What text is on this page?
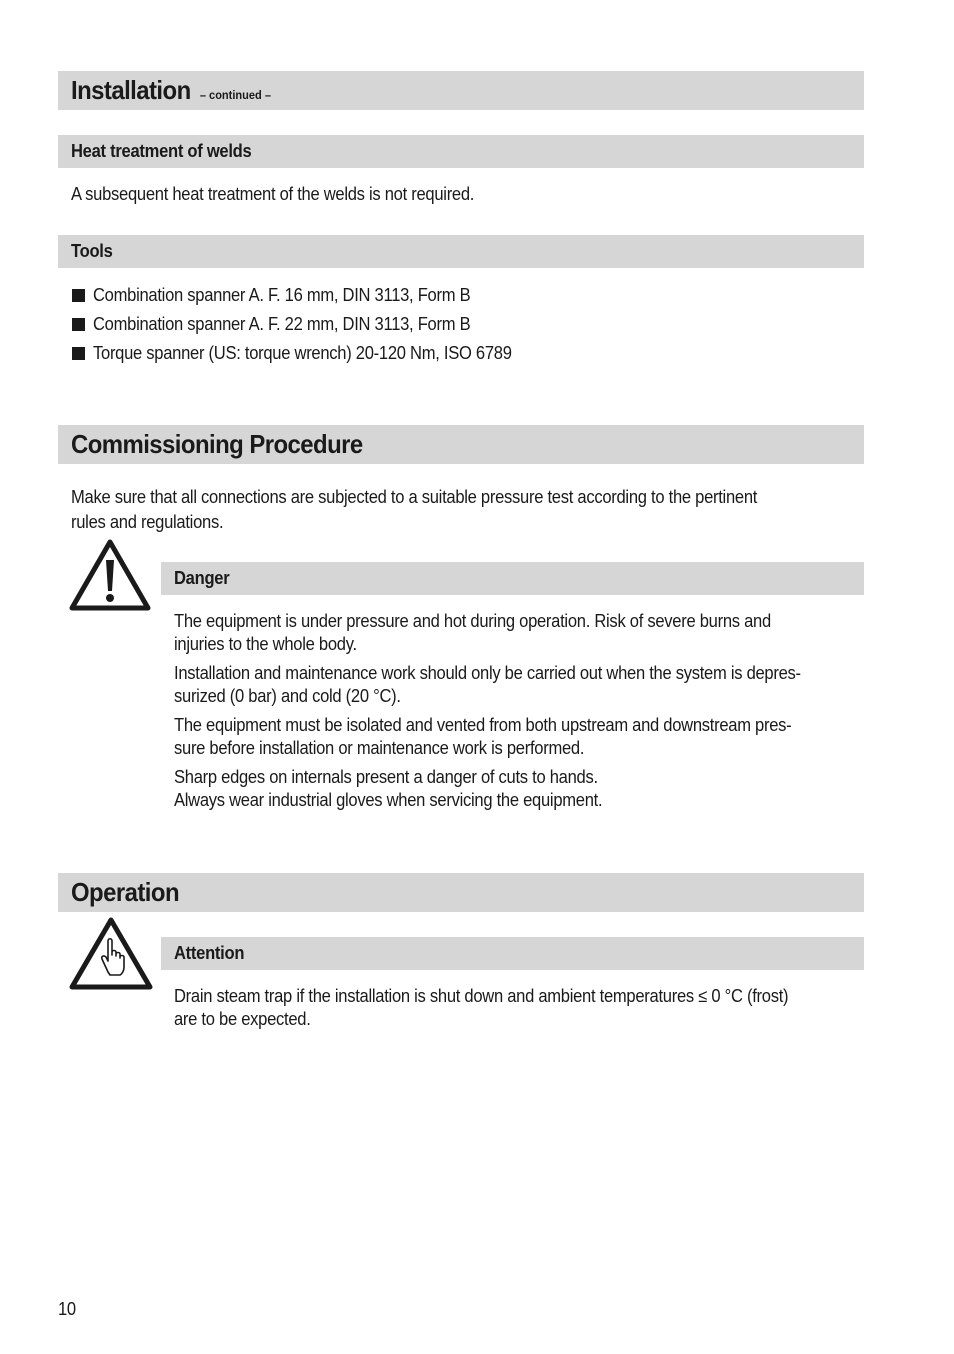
Installation – continued –
Heat treatment of welds
A subsequent heat treatment of the welds is not required.
Tools
Combination spanner A. F. 16 mm, DIN 3113, Form B
Combination spanner A. F. 22 mm, DIN 3113, Form B
Torque spanner (US: torque wrench) 20-120 Nm, ISO 6789
Commissioning Procedure
Make sure that all connections are subjected to a suitable pressure test according to the pertinent
rules and regulations.
Danger
The equipment is under pressure and hot during operation. Risk of severe burns and
injuries to the whole body.
Installation and maintenance work should only be carried out when the system is depres-
surized (0 bar) and cold (20 °C).
The equipment must be isolated and vented from both upstream and downstream pres-
sure before installation or maintenance work is performed.
Sharp edges on internals present a danger of cuts to hands.
Always wear industrial gloves when servicing the equipment.
Operation
Attention
Drain steam trap if the installation is shut down and ambient temperatures ≤ 0 °C (frost)
are to be expected.
10
